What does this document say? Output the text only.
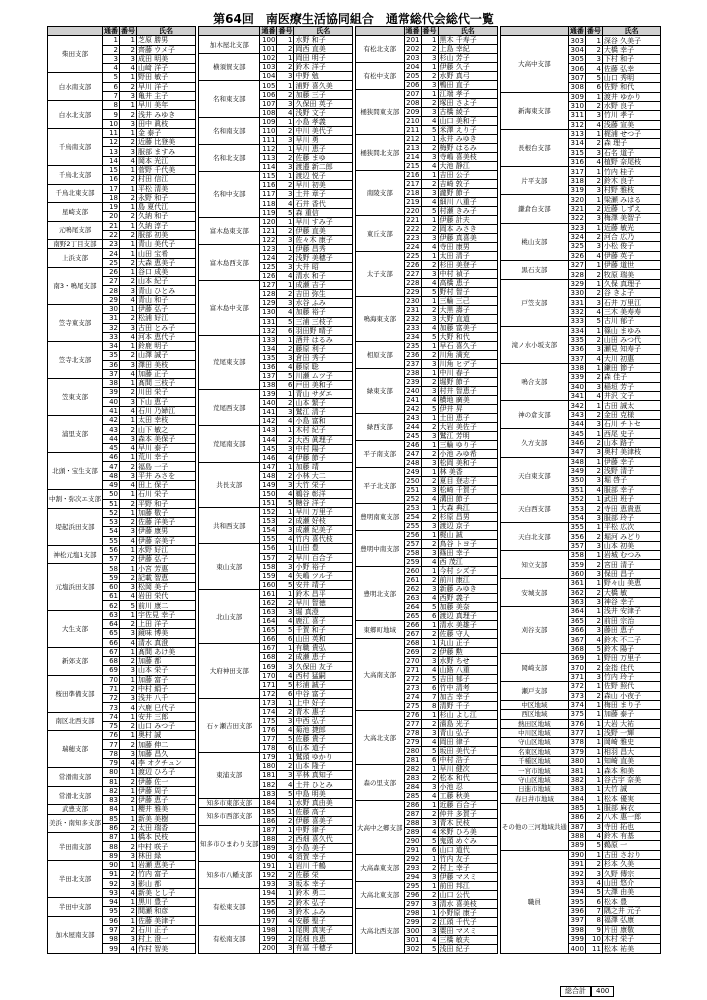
第64回　南医療生活協同組合　通常総代会総代一覧
	通番	番号	氏名
柴田支部	1	1	芝原 勝男
	2	2	齊藤 ウメ子
	3	3	成田 明美
	4	4	山﨑 洋子
白水南支部	5	1	野田 敏子
	6	2	早川 洋子
	7	3	亀井 主子
白水北支部	8	1	早川 美年
	9	2	浅井 みゆき
	10	3	田中 眞枝
千鳥南支部	11	1	金 泰子
	12	2	近藤 比登美
	13	3	服部 ますみ
	14	4	岡本 光江
千鳥北支部	15	1	菅野 千代美
	16	2	村田 信江
千鳥北東支部	17	1	平松 清美
	18	2	永野 和子
星崎支部	19	1	島 夏代江
	20	2	久納 和子
元鳴尾支部	21	1	久納 淳子
	22	2	服部 初美
南野2丁目支部	23	1	青山 美代子
上浜支部	24	1	山田 宝希
	25	2	大森 恵美子
南3・鳴尾支部	26	1	谷口 成美
	27	2	山本 紀子
	28	3	青山 ひとみ
	29	4	青山 和子
笠寺東支部	30	1	伊藤 弘子
	31	2	松浦 好江
	32	3	古田 とみ子
	33	4	河本 恵代子
笠寺北支部	34	1	鈴鹿 明子
	35	2	山澤 誠子
	36	3	澤田 美枝
	37	4	加藤 正子
笠東支部	38	1	髙間 三枝子
	39	2	川田 栄子
	40	3	下山 恵子
	41	4	石川 乃婦江
浦里支部	42	1	太田 幸枝
	43	2	山下 敏之
	44	3	森本 美保子
	45	4	早川 泰子
北頭・宝生支部	46	1	荒川 幸子
	47	2	福島 一子
	48	3	平井 みさを
	49	4	田上 保子
中割・弥次エ支部	50	1	石川 栄子
	51	2	平野 和子
堤起浜田支部	52	1	加藤 敬子
	53	2	佐藤 洋美子
	54	3	伊藤 康男
	55	4	伊藤 奈美子
神松元塩1支部	56	1	水野 好江
	57	2	伊藤 弘子
元塩浜田支部	58	1	小宮 芳惠
	59	2	記載 智恵
	60	3	松岡 美子
	61	4	岩田 栄代
	62	5	前川 康二
大生支部	63	1	宇佐見 幸子
	64	2	上田 洋子
	65	3	鏡味 博美
	66	4	清水 真澄
新郊支部	67	1	髙間 あけ美
	68	2	加藤 都
	69	3	山本 栄子
桜田準備支部	70	1	加藤 富子
	71	2	中村 絹子
	72	3	浅井 八千
	73	4	六鹿 巳代子
南区北西支部	74	1	安井 三郎
	75	2	山口 みつ子
瑞穂支部	76	1	奥村 誠
	77	2	加藤 伸二
	78	3	加藤 昌久
	79	4	李 オクチュン
常滑南支部	80	1	渡辺 ひろ子
	81	2	伊藤 佐一
常滑北支部	82	1	伊藤 周子
	83	2	伊藤 恵子
武豊支部	84	1	櫻井 雅美
美浜・南知多支部	85	1	新美 美樹
	86	2	太田 瑞香
半田南支部	87	1	橋本 民枝
	88	2	中村 咲子
	89	3	林田 緑
半田北支部	90	1	岩瀬 恵美子
	91	2	竹内 富子
	92	3	影山 都
	93	4	新美 とし子
半田中支部	94	1	黒川 豊子
	95	2	間瀬 和彦
加木屋南支部	96	1	佐藤 美津子
	97	2	石川 正子
	98	3	村上 澄一
	99	4	作村 智美
	通番	番号	氏名
加木屋北支部	100	1	水野 和子
	101	2	岡西 直美
横須賀支部	102	1	岡田 明子
	103	2	鈴木 洋子
	104	3	中野 勉
名和東支部	105	1	浦野 喜久美
	106	2	加藤 三子
	107	3	久保田 英子
	108	4	浅野 文子
名和南支部	109	1	小島 孝義
	110	2	中川 美代子
	111	3	早川 勇
名和北支部	112	1	早川 恵子
	113	2	佐藤 まゆ
	114	3	渡邉 新二郎
名和中支部	115	1	渡辺 悦子
	116	2	早川 初美
	117	3	土井 章子
	118	4	石井 香代
	119	5	森 重信
富木島東支部	120	1	早川 すみ子
	121	2	伊藤 直美
	122	3	佐々木 康子
富木島西支部	123	1	伊藤 昌秀
	124	2	浅野 美穂子
	125	3	大井 昭
	126	4	清水 和子
富木島中支部	127	1	成瀬 吉子
	128	2	吉田 弥生
	129	3	水谷 ふみ
	130	4	加藤 裕子
	131	5	三浦 三枝子
	132	6	羽田野 晴子
荒尾東支部	133	1	酒井 はるみ
	134	2	藤原 利子
	135	3	倉田 秀子
	136	4	藤原 聡
	137	5	川瀬 ムツ子
	138	6	戸田 美和子
荒尾西支部	139	1	青山 サダエ
	140	2	山本 繁子
	141	3	鷲江 清子
	142	4	小島 富和
荒尾南支部	143	1	木村 紀子
	144	2	大西 眞理子
	145	3	中村 陽子
	146	4	伊藤 節子
共長支部	147	1	加藤 靖
	148	2	小林 大二
	149	3	大竹 栄子
	150	4	鵜谷 彰洋
	151	5	糖谷 洋子
共和西支部	152	1	早川 万里子
	153	2	成瀬 好枝
	154	3	成瀬 紀美子
	155	4	竹内 喜代枝
東山支部	156	1	山田 豊
	157	2	早川 百合子
	158	3	小野 裕子
	159	4	矢嶋 ツル子
	160	5	安井 靖子
北山支部	161	1	鈴木 昌平
	162	2	早川 智徳
	163	3	堀 真澄
	164	4	鹿江 喜子
	165	5	千賀 和子
	166	6	山田 英和
大府神田支部	167	1	有職 貴弘
	168	2	成瀬 恵子
	169	3	久保田 友子
	170	4	西村 猛嗣
	171	5	杉浦 誠子
	172	6	中谷 富子
石ヶ瀬吉田支部	173	1	上中 好子
	174	2	青木 惠子
	175	3	中西 弘子
	176	4	菊池 捷郎
	177	5	佐藤 貴子
	178	6	山本 道子
東浦支部	179	1	鷲頭 ゆかり
	180	2	山本 隆子
	181	3	平林 真知子
	182	4	土井 ひとみ
	183	5	中島 明美
知多市東部支部	184	1	水野 真由美
知多市西部支部	185	1	佐藤 高子
	186	2	伊藤 喜美子
知多市ひまわり支部	187	1	中野 律子
	188	2	西畑 喜久代
	189	3	小島 美子
	190	4	須賀 幸子
知多市八幡支部	191	1	岩川 千鶴
	192	2	佐藤 栄
	193	3	坂本 幸子
有松東支部	194	1	鈴木 勇二
	195	2	鈴木 弘子
	196	3	鈴木 ふみ
	197	4	安藤 聖子
有松南支部	198	1	尾関 真実子
	199	2	尾畑 良恵
	200	3	有冨 千穂子
	通番	番号	氏名
有松北支部	201	1	黒木 千寿子
	202	2	上島 幸紀
	203	3	杉山 芳子
有松中支部	204	1	伊藤 久子
	205	2	水野 真弓
	206	3	鴨田 直子
桶狭間東支部	207	1	江端 孝子
	208	2	塚田 さよ子
	209	3	古橋 綾子
	210	4	山口 美和子
	211	5	米澤 えり子
桶狭間北支部	212	1	永井 みゆき
	213	2	梅野 はるみ
	214	3	寺嶋 喜美枝
	215	4	大池 静江
南陵支部	216	1	吉田 公子
	217	2	吉崎 敦子
	218	3	瀧野 節子
	219	4	細川 八重子
	220	5	村瀬 きみ子
東丘支部	221	1	伊藤 計夫
	222	2	岡本 みさき
	223	3	伊藤 真喜美
	224	4	寺田 康男
太子支部	225	1	太田 清子
	226	2	杉田 美登子
	227	3	中村 禎子
	228	4	高橋 恵子
	229	5	野村 智子
鳴海東支部	230	1	三輪 三己
	231	2	大黒 壽子
	232	3	大野 直道
	233	4	加藤 富美子
	234	5	大野 和代
相原支部	235	1	早石 喜久子
	236	2	川角 満充
	237	3	川角 ヒデ子
緑東支部	238	1	中川 春子
	239	2	堀野 節子
	240	3	村井 智恵子
	241	4	横地 廣美
	242	5	伊井 昇
緑西支部	243	1	土田 恵子
	244	2	大岩 美佐子
	245	3	鷲江 芳明
平子南支部	246	1	三輪 ゆり子
	247	2	小池 みゆ希
	248	3	松岡 美和子
平子北支部	249	1	林 美香
	250	2	夏目 登志子
	251	3	松崎 千賀子
	252	4	溝田 節子
豊明南東支部	253	1	大森 典江
	254	2	杉原 昌男
	255	3	渡辺 京子
豊明中南支部	256	1	梶山 誠
	257	2	鳥谷 トヨ子
	258	3	篠田 幸子
	259	4	西 茂江
豊明北支部	260	1	今村 シズ子
	261	2	前川 康江
	262	3	新藤 みゆき
	263	4	西野 義子
	264	5	加藤 美奈
	265	6	渡辺 真理子
東郷町地域	266	1	清水 美雄子
	267	2	佐藤 守人
大高南支部	268	1	丸山 正子
	269	2	伊藤 勲
	270	3	水野 ちせ
	271	4	山路 八重
	272	5	吉田 郁子
	273	6	竹中 清考
	274	7	加古 幸子
	275	8	清野 千子
大高北支部	276	1	杉山 よし江
	277	2	濱島 光子
	278	3	青山 弘子
	279	4	岡田 律子
	280	5	坂田 美代子
	281	6	中村 浩子
森の里支部	282	1	早川 健次
	283	2	松本 和代
	284	3	小池 忍
	285	4	工藤 秋美
大高中之郷支部	286	1	近藤 百合子
	287	2	仲井 多賀子
	288	3	青木 民枝
	289	4	米野 ひろ美
	290	5	鬼頭 めぐみ
	291	6	山口 道代
大高森東支部	292	1	竹内 友子
	293	2	村上 幸子
	294	3	伊藤 マスミ
大高北東支部	295	1	前田 邦江
	296	2	山口 公代
	297	3	清水 喜美枝
大高北西支部	298	1	小野原 康子
	299	2	江頭 千代子
	300	3	粟田 マスミ
	301	4	三橋 敏夫
	302	5	浅田 紀子
	通番	番号	氏名
大高中支部	303	1	深谷 久美子
	304	2	大橋 幸子
	305	3	下村 和子
	306	4	佐藤 弘幸
	307	5	山口 秀明
	308	6	佐野 和代
新海東支部	309	1	渡井 ゆかり
	310	2	水野 良子
	311	3	竹川 孝子
	312	4	浅藤 宣美
長根台支部	313	1	梶浦 せつ子
	314	2	森 理子
	315	3	石名 道子
	316	4	植野 奈尾枝
片平支部	317	1	竹内 桂子
	318	2	鈴木 良子
	319	3	村野 雅枝
鎌倉台支部	320	1	梁瀬 みはる
	321	2	近藤 しずえ
	322	3	梅澤 美智子
桃山支部	323	1	近藤 敏光
	324	2	河合 広乃
	325	3	小松 俊子
	326	4	伊藤 英子
黒石支部	327	1	伊藤 道世
	328	2	牧原 瑞美
戸笠支部	329	1	久保 真理子
	330	2	谷 きよ子
	331	3	石井 万里江
	332	4	三木 美寿寿
	333	5	古川 郁子
滝ノ水小坂支部	334	1	篠山 まゆみ
	335	2	山田 みつ代
	336	3	瀬見 知寿子
	337	4	大川 初惠
鳴合支部	338	1	鎌田 節子
	339	2	森 佳子
	340	3	稲垣 芳子
	341	4	井沢 文子
神の倉支部	342	1	古田 誠太
	343	2	金田 克様
	344	3	石川 チトセ
久方支部	345	1	西尾 史子
	346	2	山本 路子
	347	3	奥村 美津枝
天白東支部	348	1	伊藤 幸子
	349	2	浅野 清子
	350	3	堀 啓子
	351	4	服部 幸子
天白西支部	352	1	武田 班子
	353	2	寺田 恵貴恵
	354	3	服部 玲子
天白北支部	355	1	平松 広次
	356	2	堀河 みどり
	357	3	山本 初美
知立支部	358	1	岩城 むつみ
	359	2	宮田 清子
	360	3	保田 昌子
安城支部	361	1	野々山 美恵
	362	2	大橋 敏
	363	3	神谷 幸子
刈谷支部	364	1	浅井 安津子
	365	2	前田 宗治
	366	3	藤田 恵子
	367	4	鈴木 不二子
	368	5	鈴木 陽子
岡崎支部	369	1	野田 万里子
	370	2	金指 佳代
	371	3	竹内 玲子
瀬戸支部	372	1	佐野 照代
	373	2	森山 小夜子
中区地域	374	1	梅田 まり子
西区地域	375	1	加藤 泰子
熱田区地域	376	1	大岩 大祐
中川区地域	377	1	浅野 一輝
守山区地域	378	1	岡崎 雅史
名東区地域	379	1	相羽 昌大
千種区地域	380	1	知崎 直美
一宮市地域	381	1	森本 和美
守山区地域	382	1	谷古宇 奈美
日進市地域	383	1	大竹 誠
春日井市地域	384	1	松本 優実
その他の三河地域共通	385	1	服部 麻衣
	386	2	八木 惠一郎
	387	3	寺田 拓也
	388	4	鈴木 有基
	389	5	鵜原 一
職員	390	1	古田 さおり
	391	2	杉本 久美
	392	3	久野 傳宗
	393	4	山田 悠介
	394	5	大澤 由美
	395	6	松本 豊
	396	7	隅之井 元子
	397	8	福澤 弘康
	398	9	片田 康敬
	399	10	木村 栄子
	400	11	松本 祐美
総合計	400
